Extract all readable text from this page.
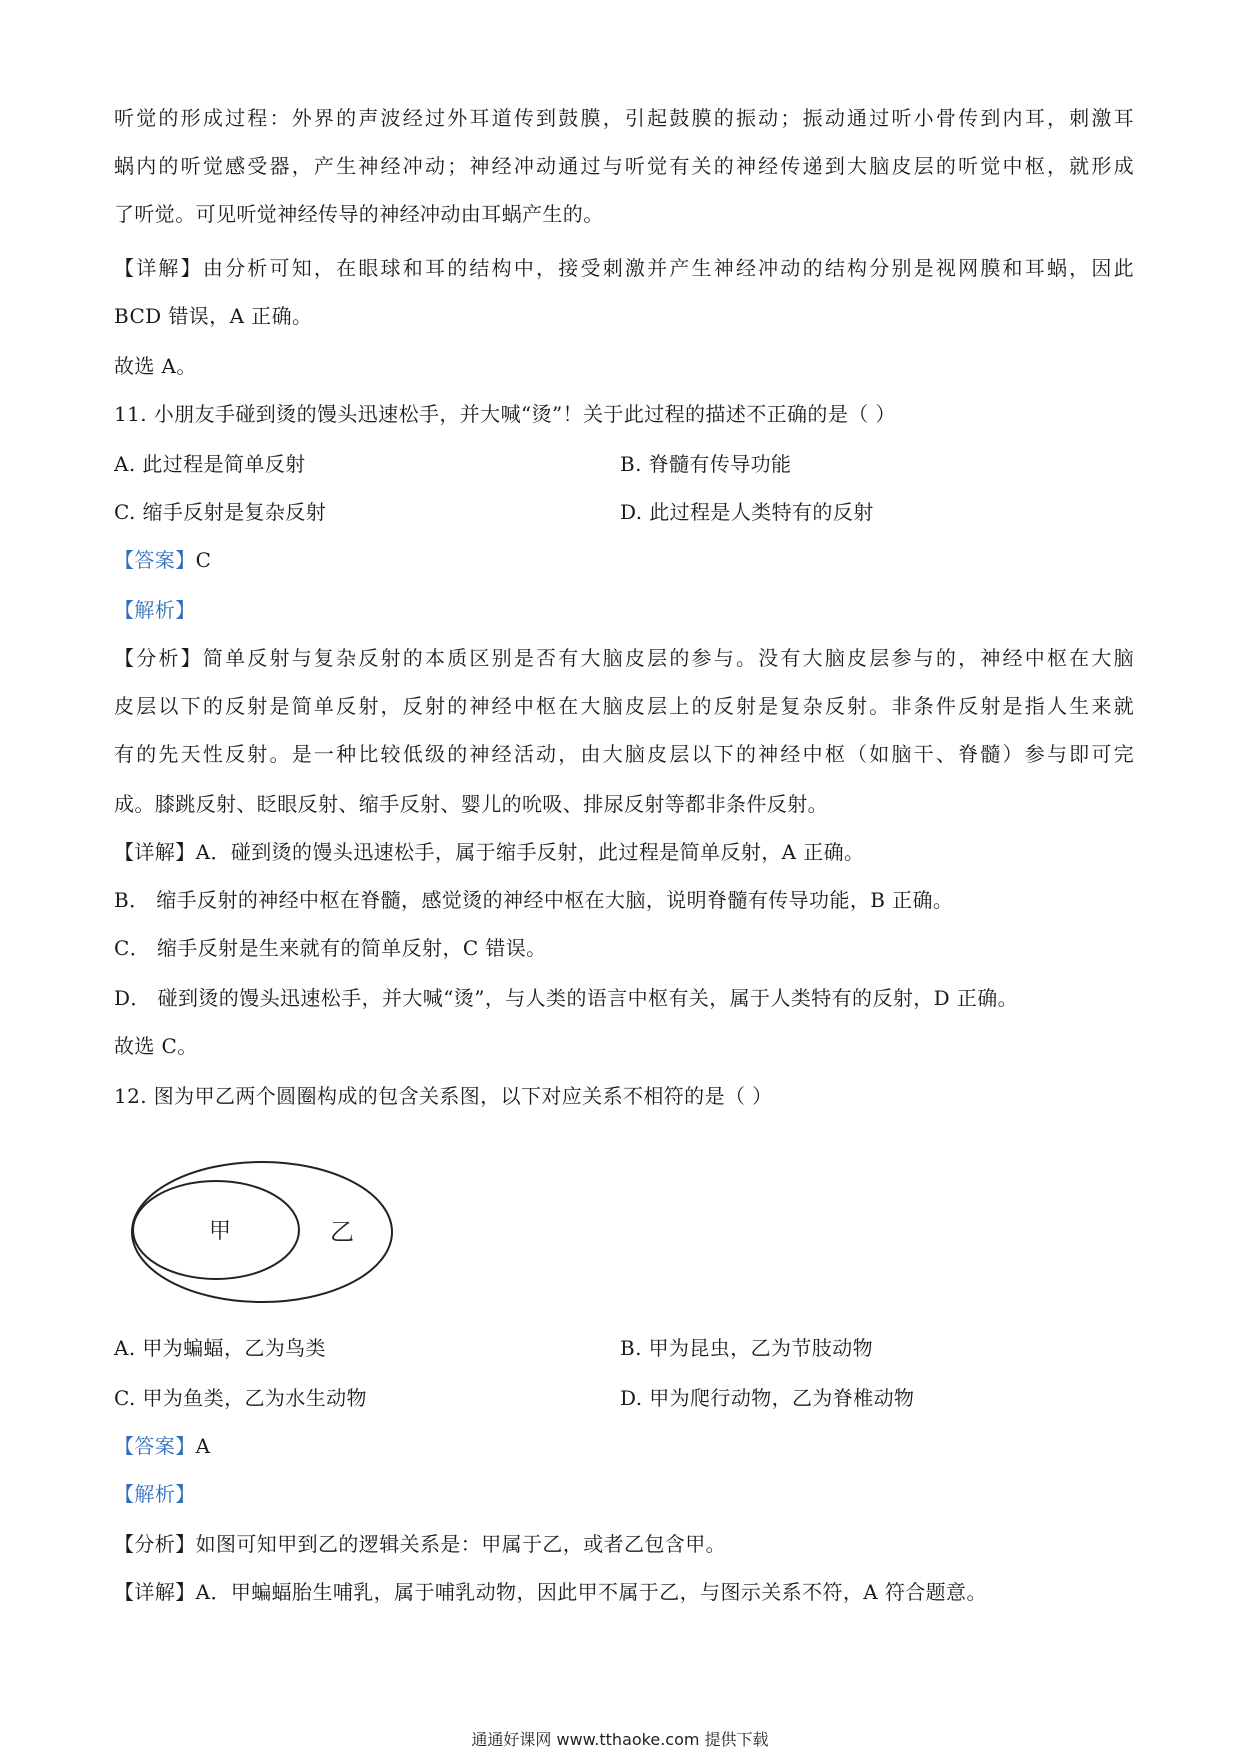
听觉的形成过程：外界的声波经过外耳道传到鼓膜，引起鼓膜的振动；振动通过听小骨传到内耳，刺激耳
蜗内的听觉感受器，产生神经冲动；神经冲动通过与听觉有关的神经传递到大脑皮层的听觉中枢，就形成
了听觉。可见听觉神经传导的神经冲动由耳蜗产生的。
【详解】由分析可知，在眼球和耳的结构中，接受刺激并产生神经冲动的结构分别是视网膜和耳蜗，因此
BCD 错误，A 正确。
故选 A。
11. 小朋友手碰到烫的馒头迅速松手，并大喊“烫”！关于此过程的描述不正确的是（ ）
A. 此过程是简单反射	B. 脊髓有传导功能
C. 缩手反射是复杂反射	D. 此过程是人类特有的反射
【答案】C
【解析】
【分析】简单反射与复杂反射的本质区别是否有大脑皮层的参与。没有大脑皮层参与的，神经中枢在大脑
皮层以下的反射是简单反射，反射的神经中枢在大脑皮层上的反射是复杂反射。非条件反射是指人生来就
有的先天性反射。是一种比较低级的神经活动，由大脑皮层以下的神经中枢（如脑干、脊髓）参与即可完
成。膝跳反射、眨眼反射、缩手反射、婴儿的吮吸、排尿反射等都非条件反射。
【详解】A．碰到烫的馒头迅速松手，属于缩手反射，此过程是简单反射，A 正确。
B． 缩手反射的神经中枢在脊髓，感觉烫的神经中枢在大脑，说明脊髓有传导功能，B 正确。
C． 缩手反射是生来就有的简单反射，C 错误。
D． 碰到烫的馒头迅速松手，并大喊“烫”，与人类的语言中枢有关，属于人类特有的反射，D 正确。
故选 C。
12. 图为甲乙两个圆圈构成的包含关系图，以下对应关系不相符的是（ ）
甲	乙
A. 甲为蝙蝠，乙为鸟类	B. 甲为昆虫，乙为节肢动物
C. 甲为鱼类，乙为水生动物	D. 甲为爬行动物，乙为脊椎动物
【答案】A
【解析】
【分析】如图可知甲到乙的逻辑关系是：甲属于乙，或者乙包含甲。
【详解】A．甲蝙蝠胎生哺乳，属于哺乳动物，因此甲不属于乙，与图示关系不符，A 符合题意。
通通好课网 www.tthaoke.com 提供下载
